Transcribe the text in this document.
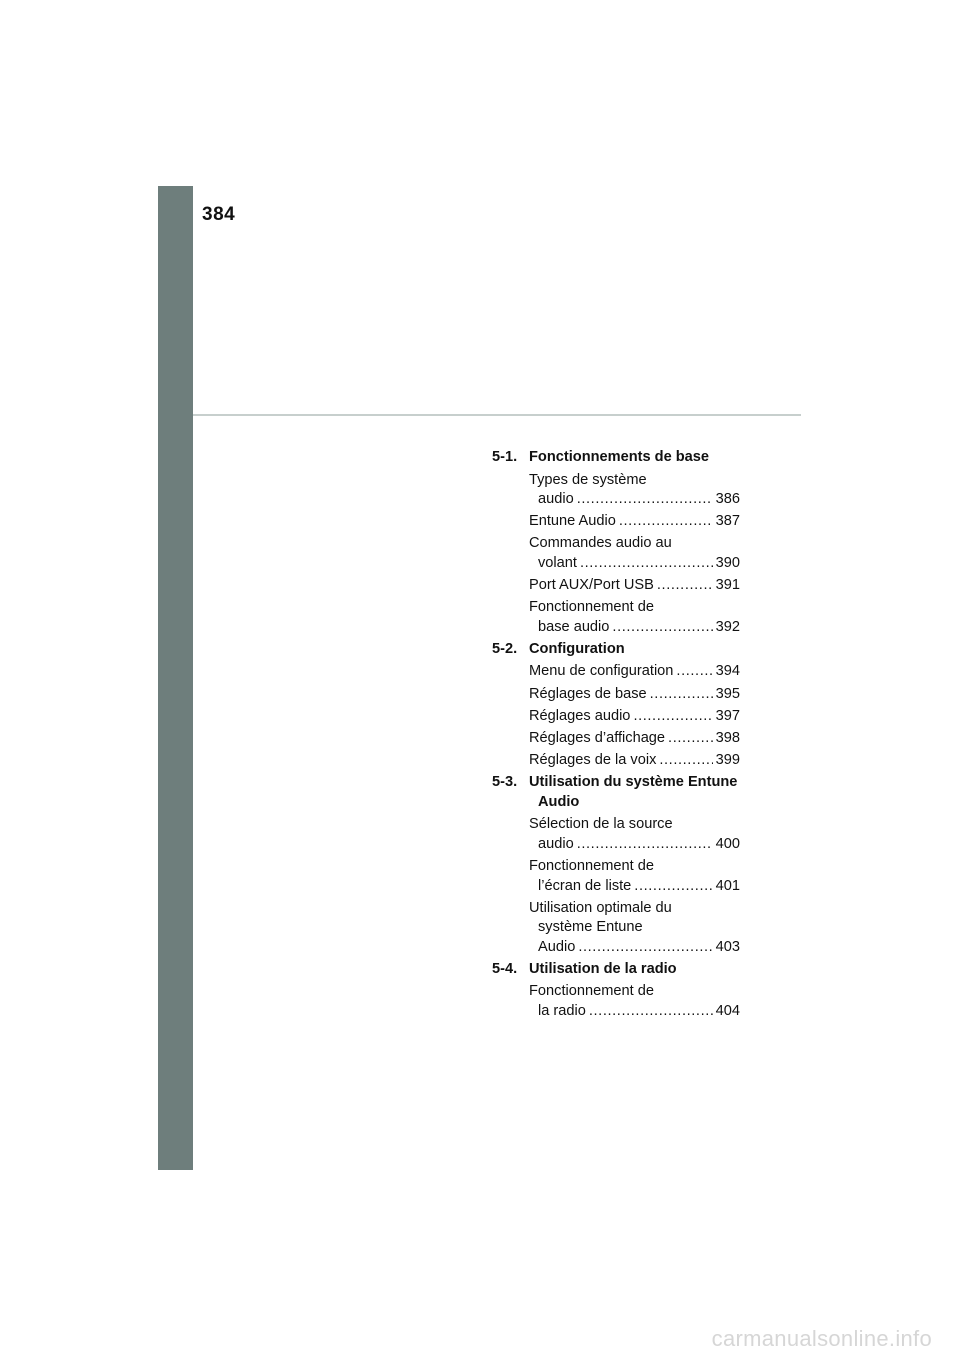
384
5-1. Fonctionnements de base
Types de système
audio .....	386
Entune Audio .....	387
Commandes audio au
volant .....	390
Port AUX/Port USB .....	391
Fonctionnement de
base audio .....	392
5-2. Configuration
Menu de configuration .....	394
Réglages de base .....	395
Réglages audio .....	397
Réglages d’affichage .....	398
Réglages de la voix .....	399
5-3. Utilisation du système Entune Audio
Sélection de la source
audio .....	400
Fonctionnement de
l’écran de liste .....	401
Utilisation optimale du
système Entune
Audio .....	403
5-4. Utilisation de la radio
Fonctionnement de
la radio .....	404
carmanualsonline.info
